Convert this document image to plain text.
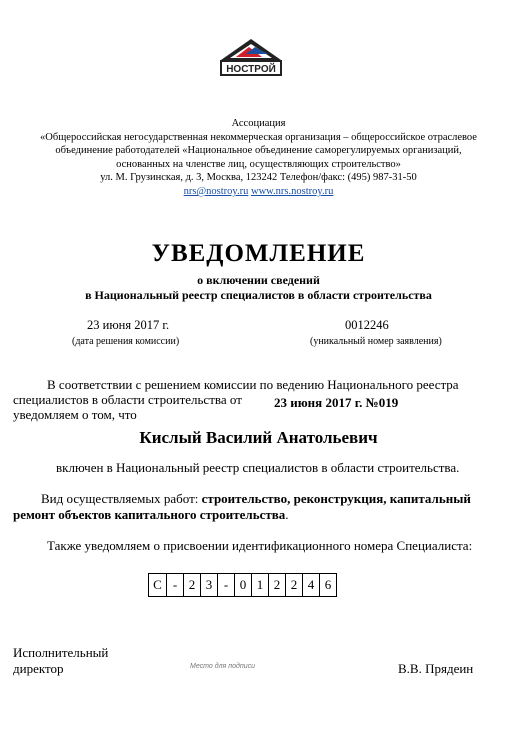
НОСТРОЙ
Ассоциация
«Общероссийская негосударственная некоммерческая организация – общероссийское отраслевое
объединение работодателей «Национальное объединение саморегулируемых организаций,
основанных на членстве лиц, осуществляющих строительство»
ул. М. Грузинская, д. 3, Москва, 123242 Телефон/факс: (495) 987-31-50
nrs@nostroy.ru www.nrs.nostroy.ru
УВЕДОМЛЕНИЕ
о включении сведений
в Национальный реестр специалистов в области строительства
23 июня 2017 г.
(дата решения комиссии)
0012246
(уникальный номер заявления)
В соответствии с решением комиссии по ведению Национального реестра
специалистов в области строительства от 23 июня 2017 г. №019
уведомляем о том, что
Кислый Василий Анатольевич
включен в Национальный реестр специалистов в области строительства.
Вид осуществляемых работ: строительство, реконструкция, капитальный
ремонт объектов капитального строительства.
Также уведомляем о присвоении идентификационного номера Специалиста:
С - 2 3 - 0 1 2 2 4 6
Исполнительный
директор	Место для подписи	В.В. Прядеин
